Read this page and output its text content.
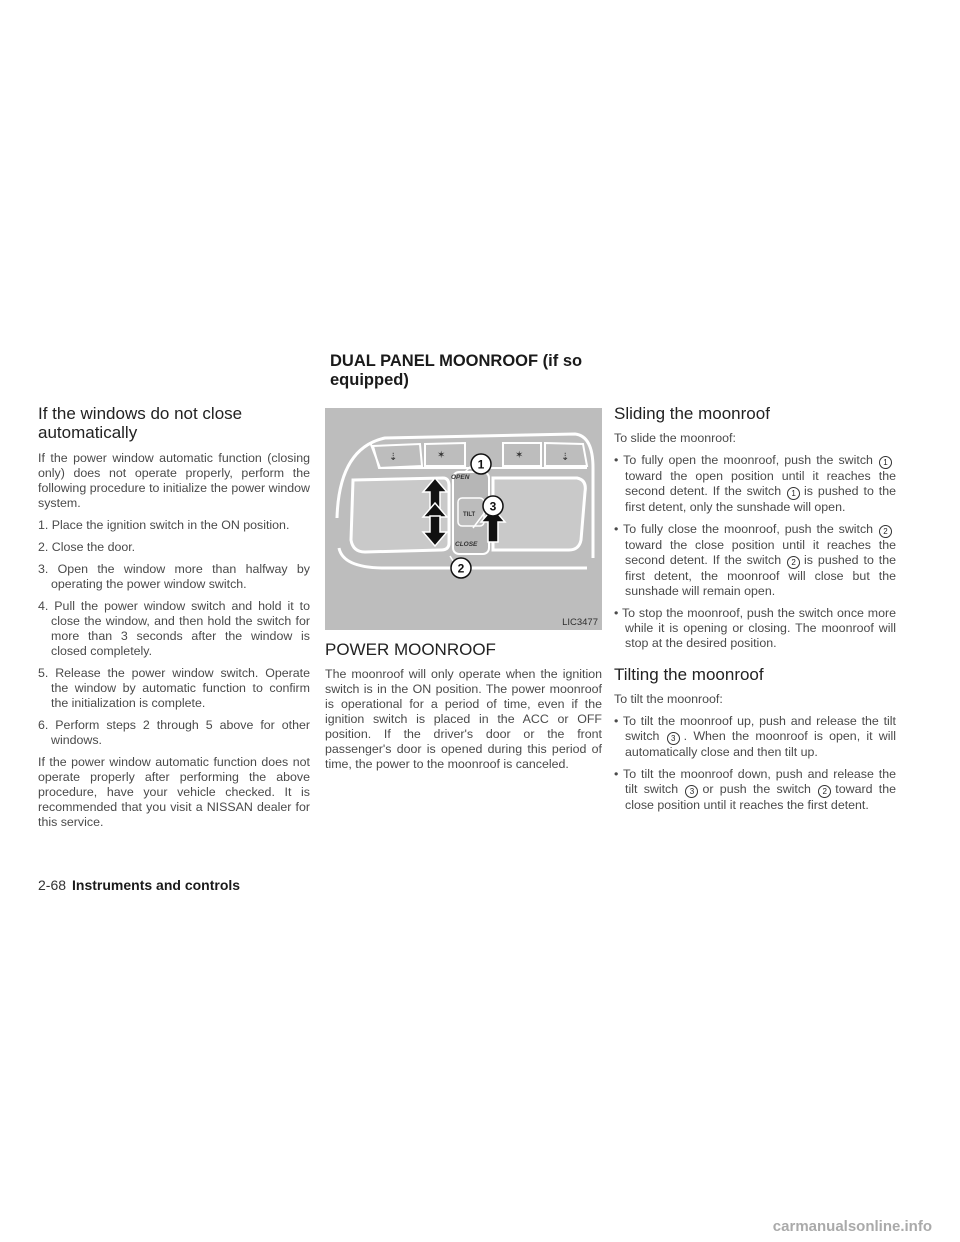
DUAL PANEL MOONROOF (if so
equipped)
If the windows do not close
automatically

If the power window automatic function (closing only) does not operate properly, perform the following procedure to initialize the power window system.

1. Place the ignition switch in the ON position.

2. Close the door.

3. Open the window more than halfway by operating the power window switch.

4. Pull the power window switch and hold it to close the window, and then hold the switch for more than 3 seconds after the window is closed completely.

5. Release the power window switch. Operate the window by automatic function to confirm the initialization is complete.

6. Perform steps 2 through 5 above for other windows.

If the power window automatic function does not operate properly after performing the above procedure, have your vehicle checked. It is recommended that you visit a NISSAN dealer for this service.

⇣	✶	✶	⇣
TILT
OPEN
CLOSE
1
3
2
LIC3477
POWER MOONROOF

The moonroof will only operate when the ignition switch is in the ON position. The power moonroof is operational for a period of time, even if the ignition switch is placed in the ACC or OFF position. If the driver's door or the front passenger's door is opened during this period of time, the power to the moonroof is canceled.

Sliding the moonroof

To slide the moonroof:

• To fully open the moonroof, push the switch 1toward the open position until it reaches the second detent. If the switch 1 is pushed to the first detent, only the sunshade will open.

• To fully close the moonroof, push the switch 2toward the close position until it reaches the second detent. If the switch 2 is pushed to the first detent, the moonroof will close but the sunshade will remain open.

• To stop the moonroof, push the switch once more while it is opening or closing. The moonroof will stop at the desired position.

Tilting the moonroof

To tilt the moonroof:

• To tilt the moonroof up, push and release the tilt switch 3 . When the moonroof is open, it will automatically close and then tilt up.

• To tilt the moonroof down, push and release the tilt switch 3 or push the switch 2 toward the close position until it reaches the first detent.

2-68 Instruments and controls
carmanualsonline.info
